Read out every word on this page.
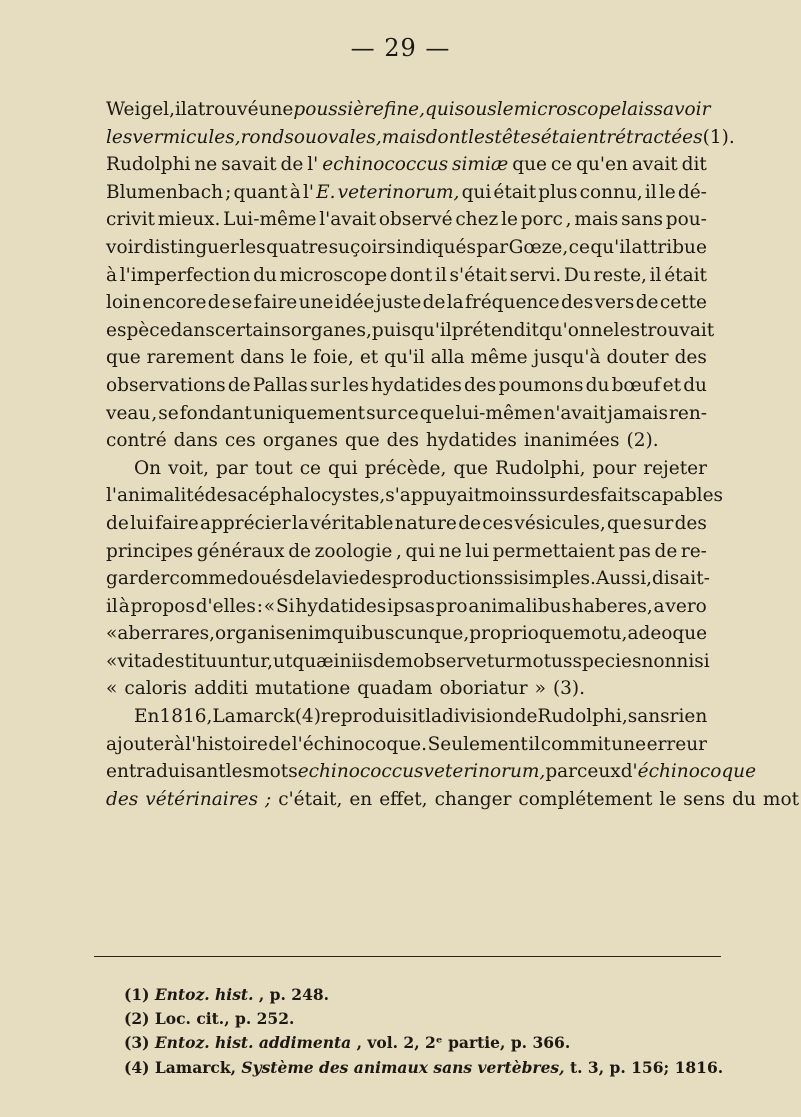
— 29 —
Weigel, il a trouvé une poussière fine, qui sous le microscope laissa voir
les vermicules, ronds ou ovales, mais dont les têtes étaient rétractées (1).
Rudolphi ne savait de l' echinococcus simiæ que ce qu'en avait dit
Blumenbach ; quant à l' E. veterinorum, qui était plus connu, il le dé-
crivit mieux. Lui-même l'avait observé chez le porc , mais sans pou-
voir distinguer les quatre suçoirs indiqués par Gœze, ce qu'il attribue
à l'imperfection du microscope dont il s'était servi. Du reste, il était
loin encore de se faire une idée juste de la fréquence des vers de cette
espèce dans certains organes , puisqu'il prétendit qu'on ne les trouvait
que rarement dans le foie, et qu'il alla même jusqu'à douter des
observations de Pallas sur les hydatides des poumons du bœuf et du
veau , se fondant uniquement sur ce que lui-même n'avait jamais ren-
contré dans ces organes que des hydatides inanimées (2).
On voit, par tout ce qui précède, que Rudolphi, pour rejeter
l'animalité des acéphalocystes , s'appuyait moins sur des faits capables
de lui faire apprécier la véritable nature de ces vésicules, que sur des
principes généraux de zoologie , qui ne lui permettaient pas de re-
garder comme doués de la vie des productions si simples. Aussi, disait-
il à propos d'elles : « Si hydatides ipsas pro animalibus haberes, a vero
« aberrares, organis enim quibuscunque, proprioque motu, adeoque
« vita destituuntur, ut quæ in iisdem observetur motus species nonnisi
« caloris additi mutatione quadam oboriatur » (3).
En 1816, Lamarck (4) reproduisit la division de Rudolphi, sans rien
ajouter à l'histoire de l'échinocoque. Seulement il commit une erreur
en traduisant les mots echinococcus veterinorum, par ceux d' échinocoque
des vétérinaires ; c'était, en effet, changer complétement le sens du mot
(1) Entoz. hist. , p. 248.
(2) Loc. cit., p. 252.
(3) Entoz. hist. addimenta , vol. 2, 2ᵉ partie, p. 366.
(4) Lamarck, Système des animaux sans vertèbres, t. 3, p. 156; 1816.
